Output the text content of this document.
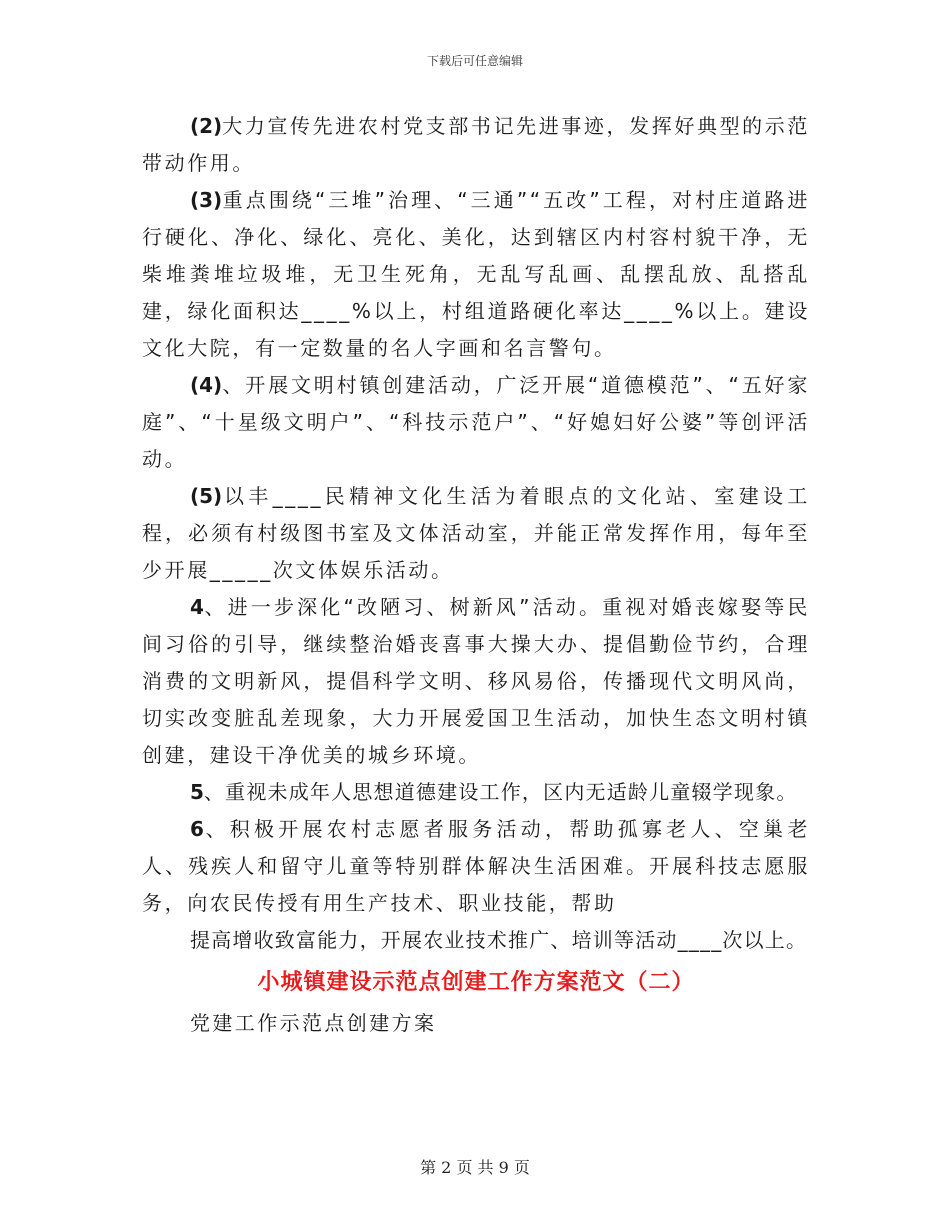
下载后可任意编辑

(2)大力宣传先进农村党支部书记先进事迹，发挥好典型的示范带动作用。

(3)重点围绕“三堆”治理、“三通”“五改”工程，对村庄道路进行硬化、净化、绿化、亮化、美化，达到辖区内村容村貌干净，无柴堆粪堆垃圾堆，无卫生死角，无乱写乱画、乱摆乱放、乱搭乱建，绿化面积达____%以上，村组道路硬化率达____%以上。建设文化大院，有一定数量的名人字画和名言警句。

(4)、开展文明村镇创建活动，广泛开展“道德模范”、“五好家庭”、“十星级文明户”、“科技示范户”、“好媳妇好公婆”等创评活动。

(5)以丰____民精神文化生活为着眼点的文化站、室建设工程，必须有村级图书室及文体活动室，并能正常发挥作用，每年至少开展_____次文体娱乐活动。

4、进一步深化“改陋习、树新风”活动。重视对婚丧嫁娶等民间习俗的引导，继续整治婚丧喜事大操大办、提倡勤俭节约，合理消费的文明新风，提倡科学文明、移风易俗，传播现代文明风尚，切实改变脏乱差现象，大力开展爱国卫生活动，加快生态文明村镇创建，建设干净优美的城乡环境。

5、重视未成年人思想道德建设工作，区内无适龄儿童辍学现象。

6、积极开展农村志愿者服务活动，帮助孤寡老人、空巢老人、残疾人和留守儿童等特别群体解决生活困难。开展科技志愿服务，向农民传授有用生产技术、职业技能，帮助

提高增收致富能力，开展农业技术推广、培训等活动____次以上。

小城镇建设示范点创建工作方案范文（二）

党建工作示范点创建方案

第 2 页 共 9 页
